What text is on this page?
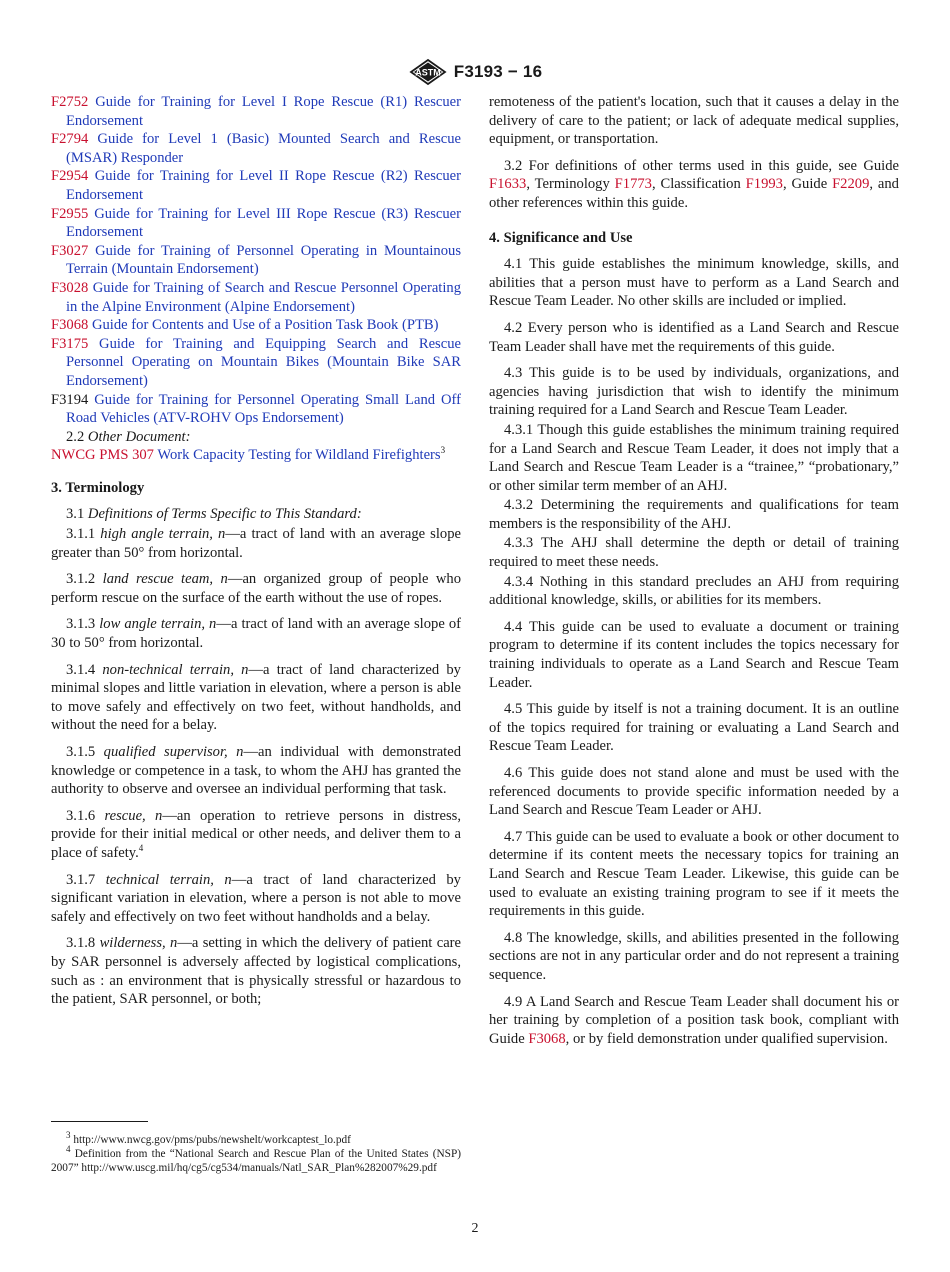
ASTM F3193 − 16

F2752 Guide for Training for Level I Rope Rescue (R1) Rescuer Endorsement

F2794 Guide for Level 1 (Basic) Mounted Search and Rescue (MSAR) Responder

F2954 Guide for Training for Level II Rope Rescue (R2) Rescuer Endorsement

F2955 Guide for Training for Level III Rope Rescue (R3) Rescuer Endorsement

F3027 Guide for Training of Personnel Operating in Mountainous Terrain (Mountain Endorsement)

F3028 Guide for Training of Search and Rescue Personnel Operating in the Alpine Environment (Alpine Endorsement)

F3068 Guide for Contents and Use of a Position Task Book (PTB)

F3175 Guide for Training and Equipping Search and Rescue Personnel Operating on Mountain Bikes (Mountain Bike SAR Endorsement)

F3194 Guide for Training for Personnel Operating Small Land Off Road Vehicles (ATV-ROHV Ops Endorsement)

2.2 Other Document:

NWCG PMS 307 Work Capacity Testing for Wildland Firefighters$^3$

3. Terminology

3.1 Definitions of Terms Specific to This Standard:

3.1.1 high angle terrain, n—a tract of land with an average slope greater than 50° from horizontal.

3.1.2 land rescue team, n—an organized group of people who perform rescue on the surface of the earth without the use of ropes.

3.1.3 low angle terrain, n—a tract of land with an average slope of 30 to 50° from horizontal.

3.1.4 non-technical terrain, n—a tract of land characterized by minimal slopes and little variation in elevation, where a person is able to move safely and effectively on two feet, without handholds, and without the need for a belay.

3.1.5 qualified supervisor, n—an individual with demonstrated knowledge or competence in a task, to whom the AHJ has granted the authority to observe and oversee an individual performing that task.

3.1.6 rescue, n—an operation to retrieve persons in distress, provide for their initial medical or other needs, and deliver them to a place of safety.$^4$

3.1.7 technical terrain, n—a tract of land characterized by significant variation in elevation, where a person is not able to move safely and effectively on two feet without handholds and a belay.

3.1.8 wilderness, n—a setting in which the delivery of patient care by SAR personnel is adversely affected by logistical complications, such as : an environment that is physically stressful or hazardous to the patient, SAR personnel, or both;

$^3$ http://www.nwcg.gov/pms/pubs/newshelt/workcaptest_lo.pdf

$^4$ Definition from the “National Search and Rescue Plan of the United States (NSP) 2007” http://www.uscg.mil/hq/cg5/cg534/manuals/Natl_SAR_Plan%282007%29.pdf

remoteness of the patient's location, such that it causes a delay in the delivery of care to the patient; or lack of adequate medical supplies, equipment, or transportation.

3.2 For definitions of other terms used in this guide, see Guide F1633, Terminology F1773, Classification F1993, Guide F2209, and other references within this guide.

4. Significance and Use

4.1 This guide establishes the minimum knowledge, skills, and abilities that a person must have to perform as a Land Search and Rescue Team Leader. No other skills are included or implied.

4.2 Every person who is identified as a Land Search and Rescue Team Leader shall have met the requirements of this guide.

4.3 This guide is to be used by individuals, organizations, and agencies having jurisdiction that wish to identify the minimum training required for a Land Search and Rescue Team Leader.

4.3.1 Though this guide establishes the minimum training required for a Land Search and Rescue Team Leader, it does not imply that a Land Search and Rescue Team Leader is a “trainee,” “probationary,” or other similar term member of an AHJ.

4.3.2 Determining the requirements and qualifications for team members is the responsibility of the AHJ.

4.3.3 The AHJ shall determine the depth or detail of training required to meet these needs.

4.3.4 Nothing in this standard precludes an AHJ from requiring additional knowledge, skills, or abilities for its members.

4.4 This guide can be used to evaluate a document or training program to determine if its content includes the topics necessary for training individuals to operate as a Land Search and Rescue Team Leader.

4.5 This guide by itself is not a training document. It is an outline of the topics required for training or evaluating a Land Search and Rescue Team Leader.

4.6 This guide does not stand alone and must be used with the referenced documents to provide specific information needed by a Land Search and Rescue Team Leader or AHJ.

4.7 This guide can be used to evaluate a book or other document to determine if its content meets the necessary topics for training an Land Search and Rescue Team Leader. Likewise, this guide can be used to evaluate an existing training program to see if it meets the requirements in this guide.

4.8 The knowledge, skills, and abilities presented in the following sections are not in any particular order and do not represent a training sequence.

4.9 A Land Search and Rescue Team Leader shall document his or her training by completion of a position task book, compliant with Guide F3068, or by field demonstration under qualified supervision.

2
